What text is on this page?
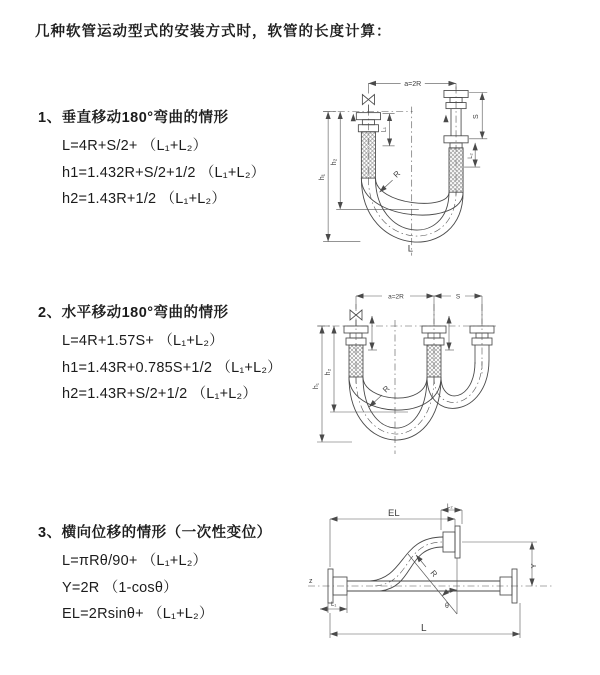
几种软管运动型式的安装方式时，软管的长度计算：
1、垂直移动180°弯曲的情形
L=4R+S/2+ （L₁+L₂）
h1=1.432R+S/2+1/2 （L₁+L₂）
h2=1.43R+1/2 （L₁+L₂）
2、水平移动180°弯曲的情形
L=4R+1.57S+ （L₁+L₂）
h1=1.43R+0.785S+1/2 （L₁+L₂）
h2=1.43R+S/2+1/2 （L₁+L₂）
3、横向位移的情形（一次性变位）
L=πRθ/90+ （L₁+L₂）
Y=2R （1-cosθ）
EL=2Rsinθ+ （L₁+L₂）
a=2R
L₁
R
L
h₁
h₂
S
L₂
a=2R	S
R
h₁
h₂
z
EL
L₂
Y
θ
R
L₁
L
